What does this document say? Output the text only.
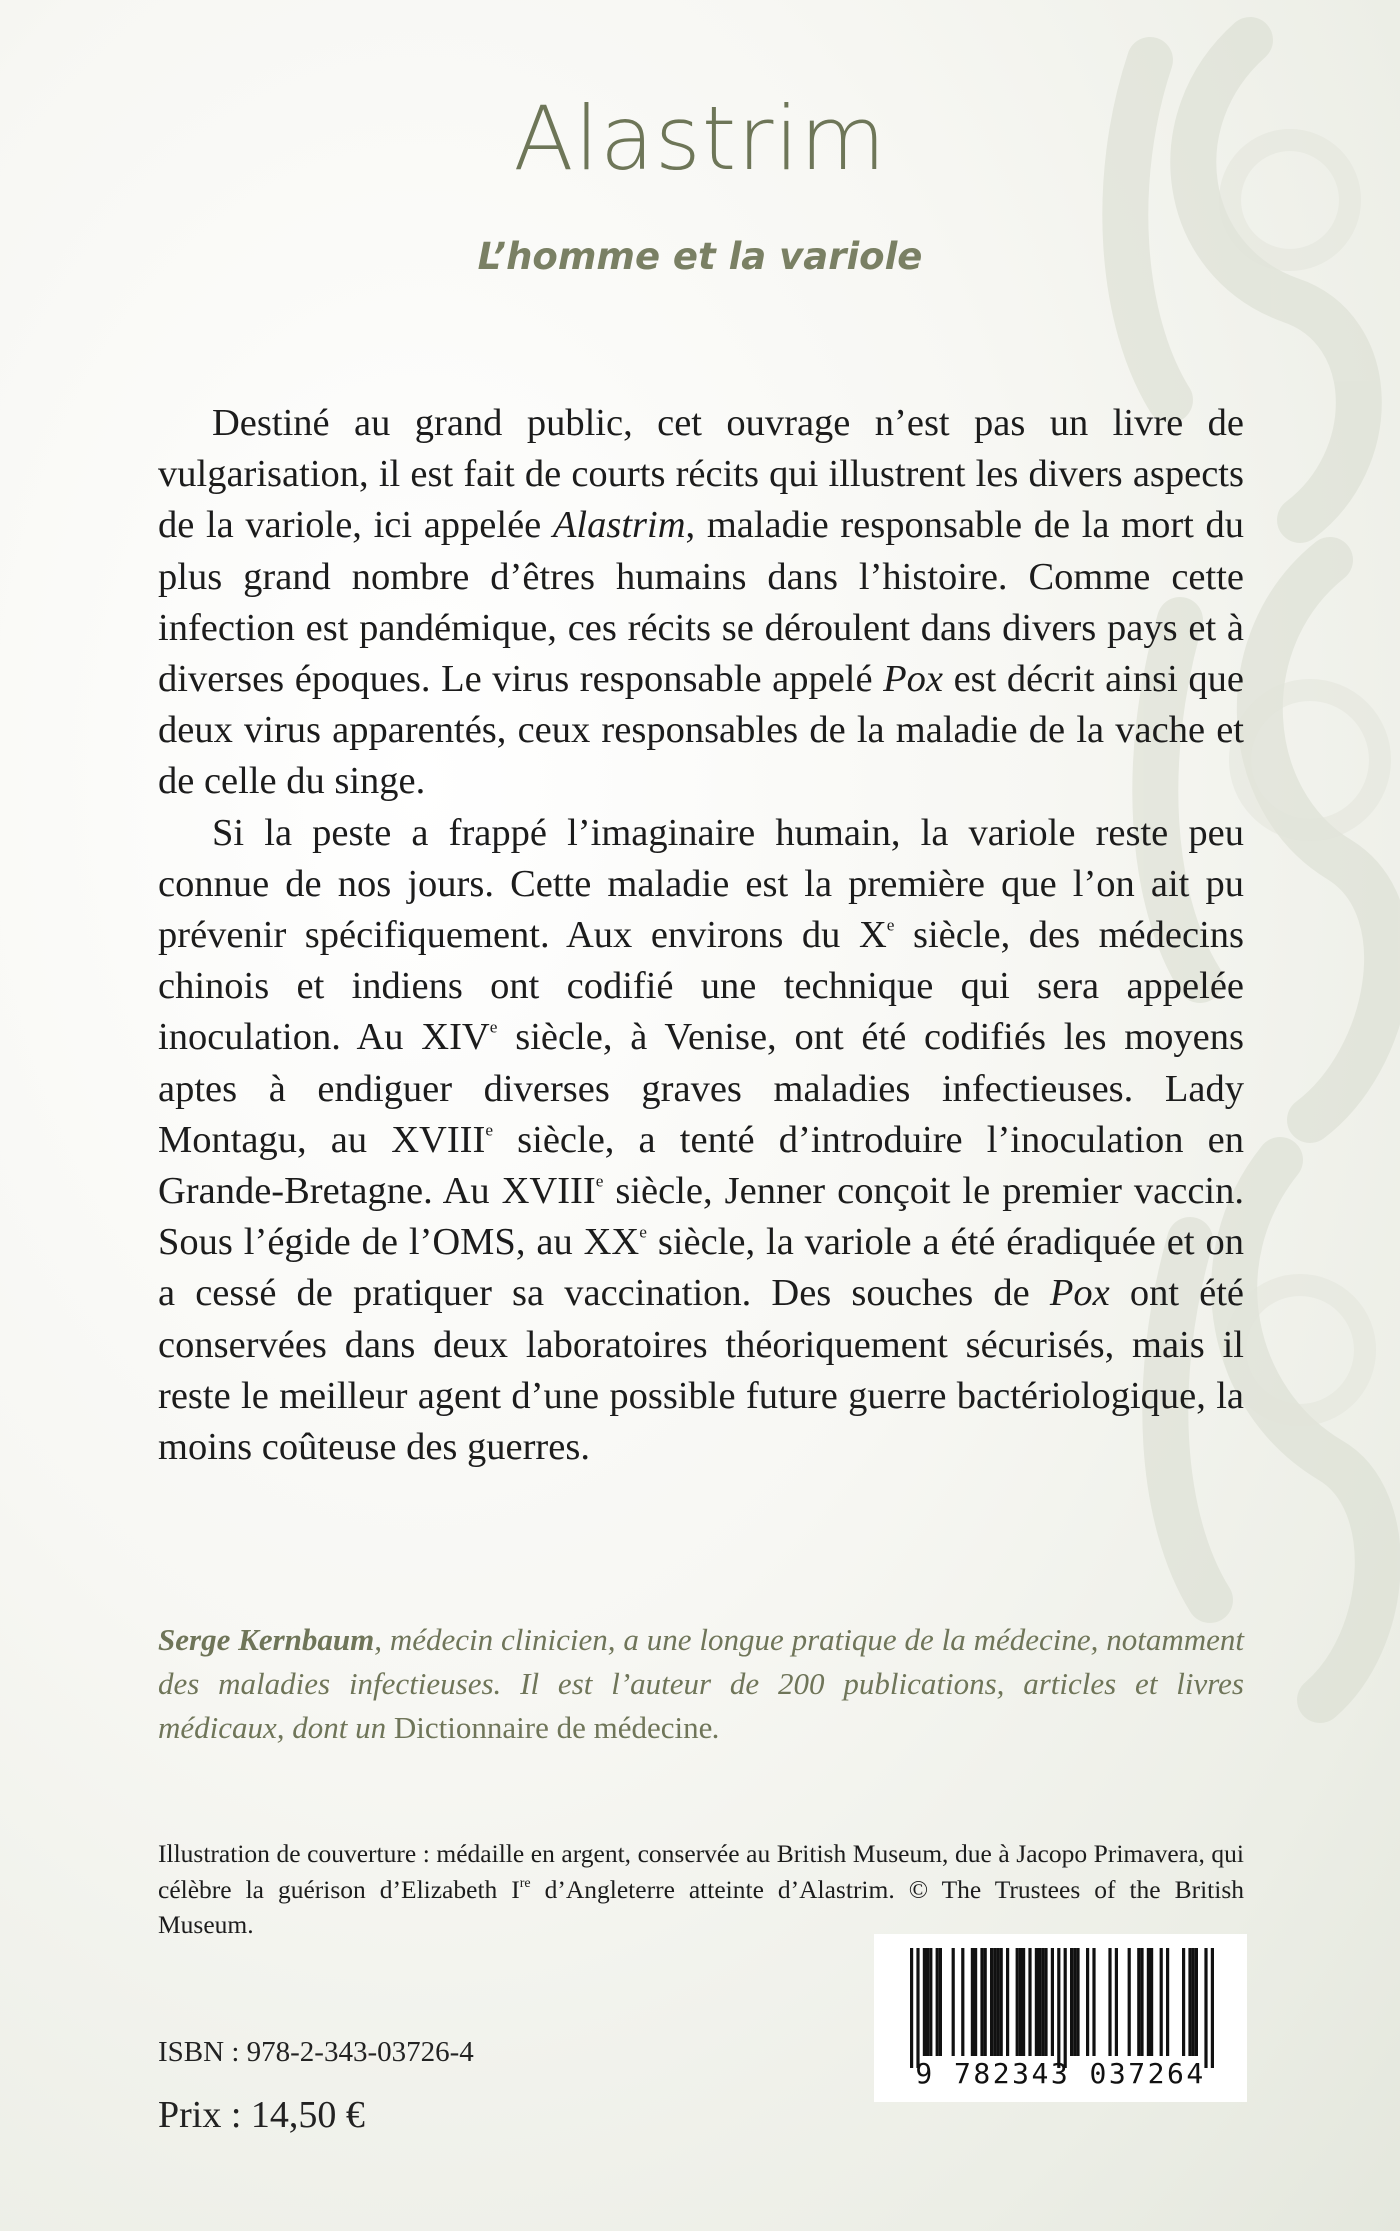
Alastrim
L’homme et la variole

Destiné au grand public, cet ouvrage n’est pas un livre de vulgarisation, il est fait de courts récits qui illustrent les divers aspects de la variole, ici appelée Alastrim, maladie responsable de la mort du plus grand nombre d’êtres humains dans l’histoire. Comme cette infection est pandémique, ces récits se déroulent dans divers pays et à diverses époques. Le virus responsable appelé Pox est décrit ainsi que deux virus apparentés, ceux responsables de la maladie de la vache et de celle du singe.

Si la peste a frappé l’imaginaire humain, la variole reste peu connue de nos jours. Cette maladie est la première que l’on ait pu prévenir spécifiquement. Aux environs du Xe siècle, des médecins chinois et indiens ont codifié une technique qui sera appelée inoculation. Au XIVe siècle, à Venise, ont été codifiés les moyens aptes à endiguer diverses graves maladies infectieuses. Lady Montagu, au XVIIIe siècle, a tenté d’introduire l’inoculation en Grande-Bretagne. Au XVIIIe siècle, Jenner conçoit le premier vaccin. Sous l’égide de l’OMS, au XXe siècle, la variole a été éradiquée et on a cessé de pratiquer sa vaccination. Des souches de Pox ont été conservées dans deux laboratoires théoriquement sécurisés, mais il reste le meilleur agent d’une possible future guerre bactériologique, la moins coûteuse des guerres.

Serge Kernbaum, médecin clinicien, a une longue pratique de la médecine, notamment des maladies infectieuses. Il est l’auteur de 200 publications, articles et livres médicaux, dont un Dictionnaire de médecine.
Illustration de couverture : médaille en argent, conservée au British Museum, due à Jacopo Primavera, qui célèbre la guérison d’Elizabeth Ire d’Angleterre atteinte d’Alastrim. © The Trustees of the British Museum.
ISBN : 978-2-343-03726-4
Prix : 14,50 €
9 782343 037264
